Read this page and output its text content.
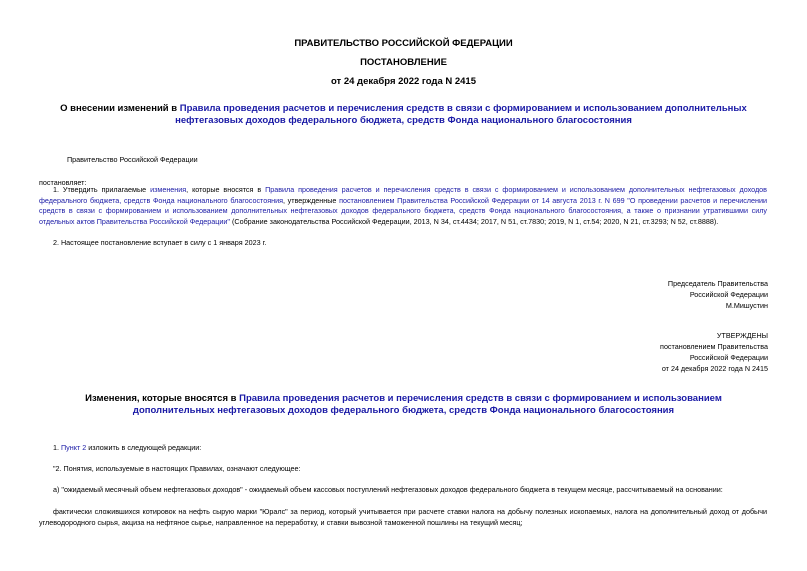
ПРАВИТЕЛЬСТВО РОССИЙСКОЙ ФЕДЕРАЦИИ
ПОСТАНОВЛЕНИЕ
от 24 декабря 2022 года N 2415
О внесении изменений в Правила проведения расчетов и перечисления средств в связи с формированием и использованием дополнительных нефтегазовых доходов федерального бюджета, средств Фонда национального благосостояния
Правительство Российской Федерации
постановляет:
1. Утвердить прилагаемые изменения, которые вносятся в Правила проведения расчетов и перечисления средств в связи с формированием и использованием дополнительных нефтегазовых доходов федерального бюджета, средств Фонда национального благосостояния, утвержденные постановлением Правительства Российской Федерации от 14 августа 2013 г. N 699 "О проведении расчетов и перечислении средств в связи с формированием и использованием дополнительных нефтегазовых доходов федерального бюджета, средств Фонда национального благосостояния, а также о признании утратившими силу отдельных актов Правительства Российской Федерации" (Собрание законодательства Российской Федерации, 2013, N 34, ст.4434; 2017, N 51, ст.7830; 2019, N 1, ст.54; 2020, N 21, ст.3293; N 52, ст.8888).
2. Настоящее постановление вступает в силу с 1 января 2023 г.
Председатель Правительства
Российской Федерации
М.Мишустин
УТВЕРЖДЕНЫ
постановлением Правительства
Российской Федерации
от 24 декабря 2022 года N 2415
Изменения, которые вносятся в Правила проведения расчетов и перечисления средств в связи с формированием и использованием дополнительных нефтегазовых доходов федерального бюджета, средств Фонда национального благосостояния
1. Пункт 2 изложить в следующей редакции:
"2. Понятия, используемые в настоящих Правилах, означают следующее:
а) "ожидаемый месячный объем нефтегазовых доходов" - ожидаемый объем кассовых поступлений нефтегазовых доходов федерального бюджета в текущем месяце, рассчитываемый на основании:
фактически сложившихся котировок на нефть сырую марки "Юралс" за период, который учитывается при расчете ставки налога на добычу полезных ископаемых, налога на дополнительный доход от добычи углеводородного сырья, акциза на нефтяное сырье, направленное на переработку, и ставки вывозной таможенной пошлины на текущий месяц;
